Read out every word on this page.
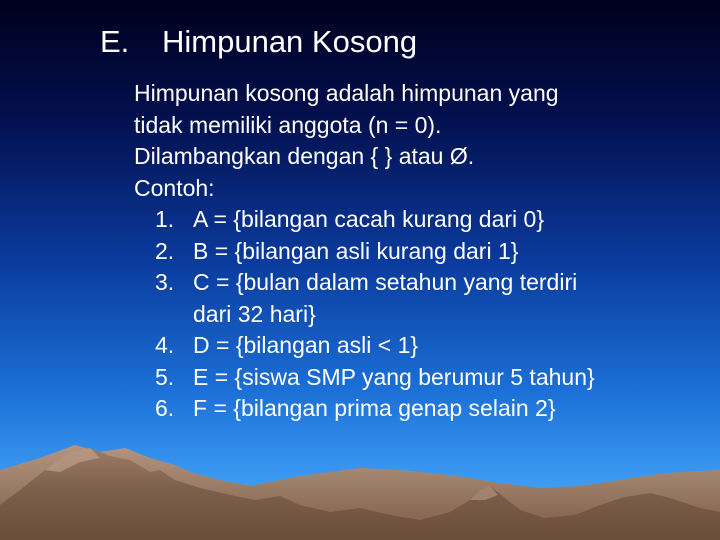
E. Himpunan Kosong

Himpunan kosong adalah himpunan yang

tidak memiliki anggota (n = 0).

Dilambangkan dengan { } atau Ø.

Contoh:

1. A = {bilangan cacah kurang dari 0}
2. B = {bilangan asli kurang dari 1}
3. C = {bulan dalam setahun yang terdiri
dari 32 hari}
4. D = {bilangan asli < 1}
5. E = {siswa SMP yang berumur 5 tahun}
6. F = {bilangan prima genap selain 2}
